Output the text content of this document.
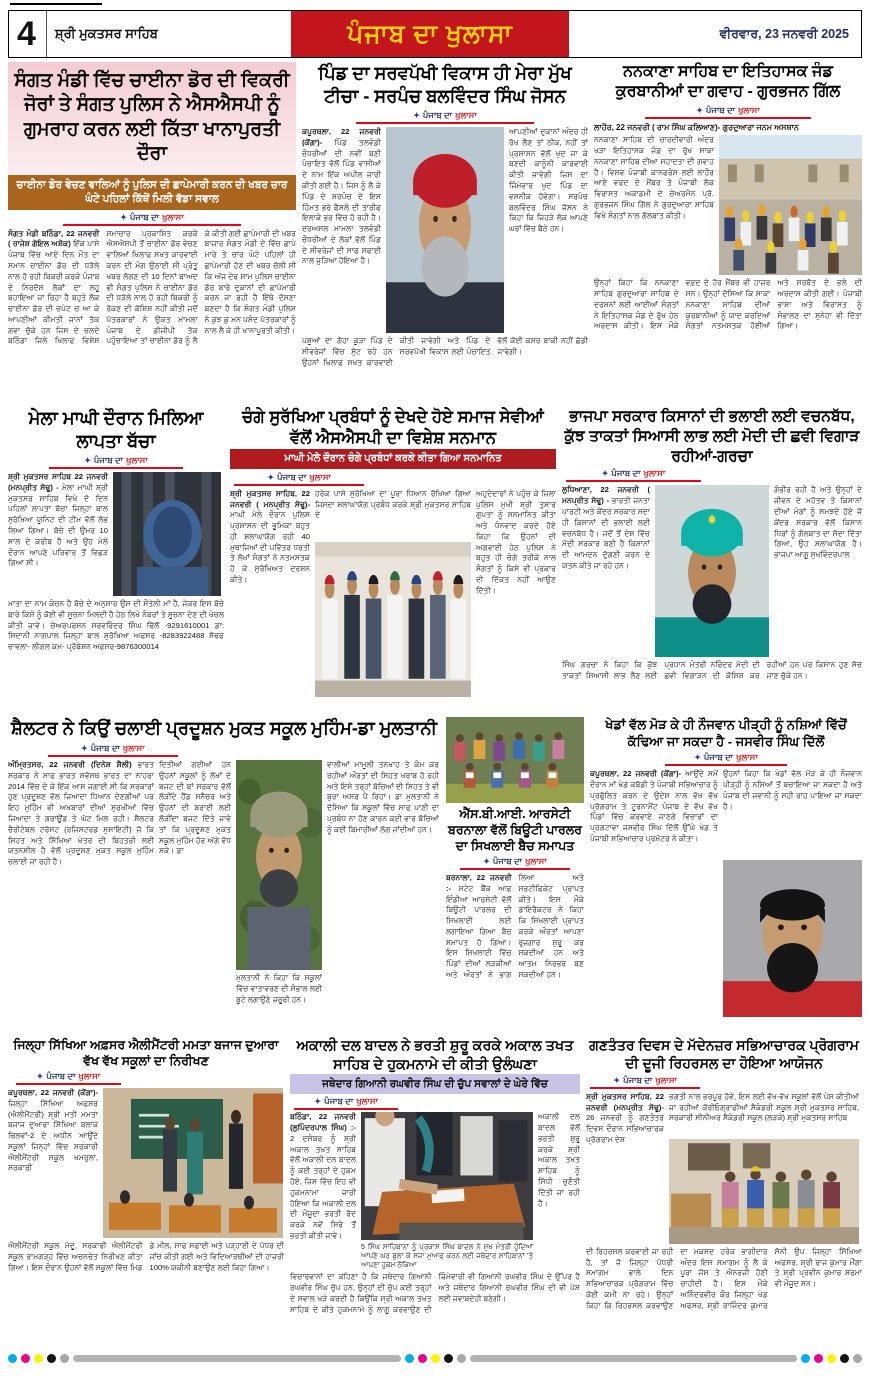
4	ਸ਼੍ਰੀ ਮੁਕਤਸਰ ਸਾਹਿਬ	ਪੰਜਾਬ ਦਾ ਖੁਲਾਸਾ	ਵੀਰਵਾਰ, 23 ਜਨਵਰੀ 2025
ਸੰਗਤ ਮੰਡੀ ਵਿੱਚ ਚਾਈਨਾ ਡੋਰ ਦੀ ਵਿਕਰੀ ਜੋਰਾਂ ਤੇ ਸੰਗਤ ਪੁਲਿਸ ਨੇ ਐਸਐਸਪੀ ਨੂੰ ਗੁਮਰਾਹ ਕਰਨ ਲਈ ਕਿੱਤਾ ਖਾਨਾਪੁਰਤੀ ਦੌਰਾ
ਚਾਈਨਾ ਡੋਰ ਵੇਚਣ ਵਾਲਿਆਂ ਨੂੰ ਪੁਲਿਸ ਦੀ ਛਾਪੇਮਾਰੀ ਕਰਨ ਦੀ ਖਬਰ ਚਾਰ ਘੰਟੇ ਪਹਿਲਾਂ ਕਿੱਥੋਂ ਮਿਲੀ ਵੱਡਾ ਸਵਾਲ
✦ ਪੰਜਾਬ ਦਾ ਖੁਲਾਸਾ
ਸੰਗਤ ਮੰਡੀ ਬਠਿੰਡਾ, 22 ਜਨਵਰੀ ( ਰਾਜੇਸ਼ ਗੋਇਲ ਅਸ਼ੋਕ) ਇੱਕ ਪਾਸੇ ਪੰਜਾਬ ਵਿੱਚ ਆਏ ਦਿਨ ਮੌਤ ਦਾ ਸਮਾਨ ਚਾਈਨਾ ਡੋਰ ਦੀ ਧੜੱਲੇ ਨਾਲ ਹੋ ਰਹੀ ਬਿਕਰੀ ਕਰਕੇ ਪੰਜਾਬ ਦੇ ਨਿਰਦੋਸ਼ ਲੋਕਾਂ ਦਾ ਲਹੂ ਬਹਾਇਆ ਜਾ ਰਿਹਾ ਹੈ ਬਹੁਤੇ ਲੋਕ ਚਾਈਨਾ ਡੋਰ ਦੀ ਚਪੇਟ ਚ ਆ ਕੇ ਆਪਣੀਆਂ ਕੀਮਤੀ ਜਾਨਾਂ ਤੱਕ ਗਵਾ ਚੁੱਕੇ ਹਨ ਜਿਸ ਦੇ ਚਲਦੇ ਬਠਿੰਡਾ ਜਿਲੇ ਖਿਲਾਫ ਵਿਸ਼ੇਸ਼ ਸਮਾਚਾਰ ਪ੍ਰਕਾਸ਼ਿਤ ਕਰਕੇ ਐਸਐਸਪੀ ਤੋਂ ਚਾਈਨਾ ਡੋਰ ਵੇਚਣ ਵਾਲਿਆਂ ਖਿਲਾਫ ਸਖਤ ਕਾਰਵਾਈ ਕਰਨ ਦੀ ਮੰਗ ਉਠਾਈ ਸੀ ਪ੍ਰੰਤੂ ਖਬਰ ਲੱਗਣ ਦੀ 10 ਦਿਨਾਂ ਬਾਅਦ ਵੀ ਸੰਗਤ ਪੁਲਿਸ ਨੇ ਚਾਈਨਾ ਡੋਰ ਦੀ ਧੜੱਲੇ ਨਾਲ ਹੋ ਰਹੀ ਬਿਕਰੀ ਨੂੰ ਰੋਕਣ ਦੀ ਕੋਸ਼ਿਸ਼ ਨਹੀਂ ਕੀਤੀ ਜਦੋਂ ਪੱਤਰਕਾਰਾਂ ਨੇ ਉਕਤ ਮਾਮਲਾ ਪੰਜਾਬ ਦੇ ਡੀਜੀਪੀ ਤੱਕ ਪਹੁੰਚਾਇਆ ਤਾਂ ਚਾਈਨਾ ਡੋਰ ਨੂੰ ਲੈ ਕੇ ਕੀਤੀ ਗਈ ਛਾਪੇਮਾਰੀ ਦੀ ਖਬਰ ਬਾਜ਼ਾਰ ਸੰਗਤ ਮੰਡੀ ਦੇ ਵਿੱਚ ਛਾਪੇ ਮਾਰੇ ਤੇ ਚਾਰ ਘੰਟੇ ਪਹਿਲਾਂ ਹੀ ਛਾਪੇਮਾਰੀ ਹੋਣ ਦੀ ਖਬਰ ਚੱਲੀ ਸੀ ਕਿ ਅੱਜ ਦੇਰ ਸ਼ਾਮ ਪੁਲਿਸ ਚਾਈਨਾ ਡੋਰ ਬਾਰੇ ਦੁਕਾਨਾਂ ਦੀ ਛਾਪੇਮਾਰੀ ਕਰਨ ਜਾ ਰਹੀ ਹੈ ਇੱਥੇ ਦੱਸਣਾ ਬਣਦਾ ਹੈ ਕਿ ਸੰਗਤ ਮੰਡੀ ਪੁਲਿਸ ਨੇ ਕੁਝ ਕੁ ਮਨ ਪਸੰਦ ਪੱਤਰਕਾਰਾਂ ਨੂੰ ਨਾਲ ਲੈ ਕੇ ਹੀ ਖਾਨਾਪੂਰਤੀ ਕੀਤੀ।
ਪਿੰਡ ਦਾ ਸਰਵਪੱਖੀ ਵਿਕਾਸ ਹੀ ਮੇਰਾ ਮੁੱਖ ਟੀਚਾ - ਸਰਪੰਚ ਬਲਵਿੰਦਰ ਸਿੰਘ ਜੋਸਨ
✦ ਪੰਜਾਬ ਦਾ ਖੁਲਾਸਾ
ਕਪੂਰਥਲਾ, 22 ਜਨਵਰੀ (ਕੋਂਗਾ)- ਪਿੰਡ ਤਲਵੰਡੀ ਚੌਧਰੀਆਂ ਦੀ ਨਵੀਂ ਬਣੀ ਪੰਚਾਇਤ ਵੱਲੋਂ ਪਿੰਡ ਵਾਸੀਆਂ ਦੇ ਨਾਮ ਇੱਕ ਅਪੀਲ ਜਾਰੀ ਕੀਤੀ ਗਈ ਹੈ। ਜਿਸ ਨੂੰ ਲੈ ਕੇ ਪਿੰਡ ਦੇ ਸਰਪੰਚ ਦੇ ਇਸ ਹਿੰਮਤ ਭਰੇ ਫੈਸਲੇ ਦੀ ਤਾਰੀਫ ਇਲਾਕੇ ਭਰ ਵਿੱਚ ਹੋ ਰਹੀ ਹੈ। ਦਰਅਸਲ ਮਾਮਲਾ ਤਲਵੰਡੀ ਚੌਧਰੀਆਂ ਦੇ ਲੋਕਾਂ ਵੱਲੋਂ ਪਿੰਡ ਦੇ ਸੀਵਰੇਜਾਂ ਦੀ ਸਾਫ ਸਫਾਈ ਨਾਲ ਜੁੜਿਆ ਹੋਇਆ ਹੈ।
ਆਪਣੀਆਂ ਦੁਕਾਨਾਂ ਅੰਦਰ ਹੀ ਰੱਖ ਲੈਣ ਤਾਂ ਠੀਕ, ਨਹੀਂ ਤਾਂ ਪ੍ਰਸ਼ਾਸਨ ਵੱਲੋਂ ਖੁਦ ਜਾ ਕੇ ਬਣਦੀ ਕਾਨੂੰਨੀ ਕਾਰਵਾਈ ਕੀਤੀ ਜਾਵੇਗੀ ਜਿਸ ਦਾ ਜਿੰਮੇਵਾਰ ਖੁਦ ਪਿੰਡ ਦਾ ਵਸਨੀਕ ਹੋਵੇਗਾ। ਸਰਪੰਚ ਬਲਵਿੰਦਰ ਸਿੰਘ ਜੋਸਨ ਨੇ ਕਿਹਾ ਕਿ ਜਿਹੜੇ ਲੋਕ ਆਪਣੇ ਘਰਾਂ ਵਿੱਚ ਬੈਠੇ ਹਨ।
ਪਸ਼ੂਆਂ ਦਾ ਗੋਹਾ ਕੂੜਾ ਪਿੰਡ ਦੇ ਸੀਵਰੇਜਾਂ ਵਿੱਚ ਸੁੱਟ ਰਹੇ ਹਨ ਉਹਨਾਂ ਖਿਲਾਫ ਸਖਤ ਕਾਰਵਾਈ ਕੀਤੀ ਜਾਵੇਗੀ ਅਤੇ ਪਿੰਡ ਦੇ ਸਰਵਪੱਖੀ ਵਿਕਾਸ ਲਈ ਪੰਚਾਇਤ ਵੱਲੋਂ ਕੋਈ ਕਸਰ ਬਾਕੀ ਨਹੀਂ ਛੱਡੀ ਜਾਵੇਗੀ।
ਨਨਕਾਣਾ ਸਾਹਿਬ ਦਾ ਇਤਿਹਾਸਕ ਜੰਡ ਕੁਰਬਾਨੀਆਂ ਦਾ ਗਵਾਹ - ਗੁਰਭਜਨ ਗਿੱਲ
✦ ਪੰਜਾਬ ਦਾ ਖੁਲਾਸਾ
ਲਾਹੌਰ, 22 ਜਨਵਰੀ ( ਰਾਮ ਸਿੰਘ ਕਲਿਆਣ)- ਗੁਰਦੁਆਰਾ ਜਨਮ ਅਸਥਾਨ
ਨਨਕਾਣਾ ਸਾਹਿਬ ਦੀ ਚਾਰਦੀਵਾਰੀ ਅੰਦਰ ਖੜਾ ਇਤਿਹਾਸਕ ਜੰਡ ਦਾ ਰੁੱਖ ਸਾਕਾ ਨਨਕਾਣਾ ਸਾਹਿਬ ਦੀਆ ਸਹਾਦਤਾ ਦੀ ਗਵਾਹ ਹੈ। ਵਿਸ਼ਵ ਪੰਜਾਬੀ ਕਾਨਫਰੰਸ ਲਈ ਲਾਹੌਰ ਆਏ ਵਫਦ ਦੇ ਮੈਂਬਰ ਤੇ ਪੰਜਾਬੀ ਲੋਕ ਵਿਰਾਸਤ ਅਕਾਡਮੀ ਦੇ ਚੇਅਰਮੈਨ ਪ੍ਰੋ. ਗੁਰਭਜਨ ਸਿੰਘ ਗਿੱਲ ਨੇ ਗੁਰਦੁਆਰਾ ਸਾਹਿਬ ਵਿਖੇ ਸੰਗਤਾਂ ਨਾਲ ਗੱਲਬਾਤ ਕੀਤੀ।
ਉਨ੍ਹਾਂ ਕਿਹਾ ਕਿ ਨਨਕਾਣਾ ਸਾਹਿਬ ਗੁਰਦੁਆਰਾ ਸਾਹਿਬ ਦੇ ਦਰਸ਼ਨਾਂ ਲਈ ਆਈਆਂ ਸੰਗਤਾਂ ਨੇ ਇਤਿਹਾਸਕ ਜੰਡ ਦੇ ਰੁੱਖ ਹੇਠ ਅਰਦਾਸ ਕੀਤੀ। ਇਸ ਮੌਕੇ ਵਫ਼ਦ ਦੇ ਹੋਰ ਮੈਂਬਰ ਵੀ ਹਾਜ਼ਰ ਸਨ। ਉਨ੍ਹਾਂ ਦੱਸਿਆ ਕਿ ਸਾਕਾ ਨਨਕਾਣਾ ਸਾਹਿਬ ਦੀਆਂ ਕੁਰਬਾਨੀਆਂ ਨੂੰ ਯਾਦ ਕਰਦਿਆਂ ਸੰਗਤਾਂ ਨਤਮਸਤਕ ਹੋਈਆਂ ਅਤੇ ਸਰਬੱਤ ਦੇ ਭਲੇ ਦੀ ਅਰਦਾਸ ਕੀਤੀ ਗਈ। ਪੰਜਾਬੀ ਭਾਸ਼ਾ ਅਤੇ ਵਿਰਾਸਤ ਨੂੰ ਸੰਭਾਲਣ ਦਾ ਸੁਨੇਹਾ ਵੀ ਦਿੱਤਾ ਗਿਆ।
ਮੇਲਾ ਮਾਘੀ ਦੌਰਾਨ ਮਿਲਿਆ ਲਾਪਤਾ ਬੱਚਾ
✦ ਪੰਜਾਬ ਦਾ ਖੁਲਾਸਾ
ਸ਼੍ਰੀ ਮੁਕਤਸਰ ਸਾਹਿਬ 22 ਜਨਵਰੀ (ਮਨਪ੍ਰੀਤ ਸੋਢੂ) - ਮੇਲਾ ਮਾਘੀ ਸ਼੍ਰੀ ਮੁਕਤਸਰ ਸਾਹਿਬ ਵਿਖੇ ਦੋ ਦਿਨ ਪਹਿਲਾਂ ਲਾਪਤਾ ਬੱਚਾ ਜਿਲ੍ਹਾ ਬਾਲ ਸੁਰੱਖਿਆ ਯੂਨਿਟ ਦੀ ਟੀਮ ਵੱਲੋਂ ਲੱਭ ਲਿਆ ਗਿਆ। ਬੱਚੇ ਦੀ ਉਮਰ 10 ਸਾਲ ਦੇ ਕਰੀਬ ਹੈ ਅਤੇ ਉਹ ਮੇਲੇ ਦੌਰਾਨ ਆਪਣੇ ਪਰਿਵਾਰ ਤੋਂ ਵਿਛੜ ਗਿਆ ਸੀ।
ਮਾਤਾ ਦਾ ਨਾਮ ਕੰਚਨ ਹੈ ਬੱਚੇ ਦੇ ਅਨੁਸਾਰ ਉਸ ਦੀ ਸੌਤੇਲੀ ਮਾਂ ਹੈ, ਜੇਕਰ ਇਸ ਬੱਚੇ ਬਾਰੇ ਕਿਸੇ ਨੂੰ ਕੋਈ ਵੀ ਸੂਚਨਾ ਮਿਲਦੀ ਹੈ ਹੇਠ ਲਿਖੇ ਨੰਬਰਾਂ ਤੇ ਸੂਚਨਾ ਦੇਣ ਦੀ ਖੇਚਲ ਕੀਤੀ ਜਾਵੇ। ਚੇਅਰਪਰਸਨ ਸਰਵਰਿੰਦਰ ਸਿੰਘ ਢਿੱਲੋਂ -9291610001 ਡਾ: ਸਿਦਾਨੀ ਨਾਗਪਾਲ ਜਿਲ੍ਹਾ ਬਾਲ ਸੁਰੱਖਿਆ ਅਫਸਰ -8283922488 ਸੋਢਫ ਚਾਵਲਾ- ਲੀਗਲ ਕਮ- ਪ੍ਰੋਬੇਸ਼ਨ ਅਫਸਰ-9876300014
ਚੰਗੇ ਸੁਰੱਖਿਆ ਪ੍ਰਬੰਧਾਂ ਨੂੰ ਦੇਖਦੇ ਹੋਏ ਸਮਾਜ ਸੇਵੀਆਂ ਵੱਲੋਂ ਐਸਐਸਪੀ ਦਾ ਵਿਸ਼ੇਸ਼ ਸਨਮਾਨ
ਮਾਘੀ ਮੇਲੇ ਦੌਰਾਨ ਚੰਗੇ ਪ੍ਰਬੰਧਾਂ ਕਰਕੇ ਕੀਤਾ ਗਿਆ ਸਨਮਾਨਿਤ
✦ ਪੰਜਾਬ ਦਾ ਖੁਲਾਸਾ
ਸ਼੍ਰੀ ਮੁਕਤਸਰ ਸਾਹਿਬ, 22 ਜਨਵਰੀ ( ਮਨਪ੍ਰੀਤ ਸੋਢੂ)- ਮਾਘੀ ਮੇਲੇ ਦੌਰਾਨ ਪੁਲਿਸ ਪ੍ਰਸ਼ਾਸਨ ਦੀ ਭੂਮਿਕਾ ਬਹੁਤ ਹੀ ਸ਼ਲਾਘਾਯੋਗ ਰਹੀ 40 ਮੁਥਾਜਿਆਂ ਦੀ ਪਵਿੱਤਰ ਧਰਤੀ ਤੇ ਲੱਖਾਂ ਸੰਗਤਾਂ ਨੇ ਨਤਮਸਤਕ ਹੋ ਕੇ ਸੁਰੱਖਿਅਤ ਦਰਸ਼ਨ ਕੀਤੇ।
ਹਰੇਕ ਪਾਸੇ ਸੁਰੱਖਿਆ ਦਾ ਪੂਰਾ ਧਿਆਨ ਰੱਖਿਆ ਗਿਆ ਜਿਸਦਾ ਸ਼ਲਾਘਾਯੋਗ ਪ੍ਰਬੰਧ ਕਰਕੇ ਸ਼੍ਰੀ ਮੁਕਤਸਰ ਸਾਹਿਬ ਦੇ
ਅਹੁਦੇਦਾਰਾਂ ਨੇ ਪਹੁੰਚ ਕੇ ਜਿਲਾ ਪੁਲਿਸ ਮੁਖੀ ਸ਼੍ਰੀ ਤੁਸ਼ਾਰ ਗੁਪਤਾ ਨੂੰ ਸਨਮਾਨਿਤ ਕੀਤਾ ਅਤੇ ਧੰਨਵਾਦ ਕਰਦੇ ਹੋਏ ਕਿਹਾ ਕਿ ਉਹਨਾਂ ਦੀ ਅਗਵਾਈ ਹੇਠ ਪੁਲਿਸ ਨੇ ਬਹੁਤ ਹੀ ਚੰਗੇ ਤਰੀਕੇ ਨਾਲ ਸੰਗਤਾਂ ਨੂੰ ਕਿਸੇ ਵੀ ਪ੍ਰਕਾਰ ਦੀ ਦਿੱਕਤ ਨਹੀਂ ਆਉਣ ਦਿੱਤੀ।
ਭਾਜਪਾ ਸਰਕਾਰ ਕਿਸਾਨਾਂ ਦੀ ਭਲਾਈ ਲਈ ਵਚਨਬੱਧ, ਕੁੱਝ ਤਾਕਤਾਂ ਸਿਆਸੀ ਲਾਭ ਲਈ ਮੋਦੀ ਦੀ ਛਵੀ ਵਿਗਾੜ ਰਹੀਆਂ-ਗਰਚਾ
✦ ਪੰਜਾਬ ਦਾ ਖੁਲਾਸਾ
ਲੁਧਿਆਣਾ, 22 ਜਨਵਰੀ ( ਮਨਪ੍ਰੀਤ ਸੋਢੂ) - ਭਾਰਤੀ ਜਨਤਾ ਪਾਰਟੀ ਅਤੇ ਕੇਂਦਰ ਸਰਕਾਰ ਸਦਾ ਹੀ ਕਿਸਾਨਾਂ ਦੀ ਭਲਾਈ ਲਈ ਵਚਨਬੱਧ ਹੈ। ਜਦੋਂ ਤੋਂ ਦੇਸ਼ ਵਿੱਚ ਮੋਦੀ ਸਰਕਾਰ ਬਣੀ ਹੈ ਕਿਸਾਨਾਂ ਦੀ ਆਮਦਨ ਦੁੱਗਣੀ ਕਰਨ ਦੇ ਯਤਨ ਕੀਤੇ ਜਾ ਰਹੇ ਹਨ।
ਗੰਭੀਰ ਰਹੀ ਹੈ ਅਤੇ ਉਨ੍ਹਾਂ ਦੇ ਜੀਵਨ ਦੇ ਮਹੱਤਵ ਤੇ ਕਿਸਾਨਾਂ ਦੀਆਂ ਮੰਗਾਂ ਨੂੰ ਸਮਝਦੇ ਹੋਏ ਜੋ ਕੇਂਦਰ ਸਰਕਾਰ ਵੱਲੋਂ ਕਿਸਾਨ ਧਿਰਾਂ ਨੂੰ ਗੱਲਬਾਤ ਦਾ ਸੱਦਾ ਦਿੱਤਾ ਗਿਆ, ਉਹ ਸ਼ਲਾਘਾਯੋਗ ਹੈ। ਭਾਜਪਾ ਆਗੂ ਸੁਖਵਿੰਦਰਪਾਲ
ਸਿੰਘ ਗਰਚਾ ਨੇ ਕਿਹਾ ਕਿ ਕੁੱਝ ਤਾਕਤਾਂ ਸਿਆਸੀ ਲਾਭ ਲੈਣ ਲਈ ਪ੍ਰਧਾਨ ਮੰਤਰੀ ਨਰਿੰਦਰ ਮੋਦੀ ਦੀ ਛਵੀ ਵਿਗਾੜਨ ਦੀ ਕੋਸ਼ਿਸ਼ ਕਰ ਰਹੀਆਂ ਹਨ ਪਰ ਕਿਸਾਨ ਹੁਣ ਸੱਚ ਜਾਣ ਚੁੱਕੇ ਹਨ।
ਸ਼ੈਲਟਰ ਨੇ ਕਿਉਂ ਚਲਾਈ ਪ੍ਰਦੂਸ਼ਨ ਮੁਕਤ ਸਕੂਲ ਮੁਹਿੰਮ-ਡਾ ਮੁਲਤਾਨੀ
✦ ਪੰਜਾਬ ਦਾ ਖੁਲਾਸਾ
ਅੰਮ੍ਰਿਤਸਰ, 22 ਜਨਵਰੀ (ਦਿਨੇਸ਼ ਸ਼ੈਲੀ) ਭਾਰਤ ਸਰਕਾਰ ਨੇ ਸਾਫ ਭਾਰਤ ਸਵੱਸਥ ਭਾਰਤ ਦਾ ਨਾਹਰਾ 2014 ਵਿੱਚ ਦੇ ਕੇ ਇੱਕ ਆਸ ਜਗਾਈ ਸੀ ਕਿ ਸਰਕਾਰਾਂ ਹੁਣ ਪ੍ਰਦੂਸ਼ਣ ਵੱਲ ਜਿਆਦਾ ਧਿਆਨ ਦੇਣਗੀਆਂ ਪਰ ਇਹ ਮੁਹਿੰਮ ਵੀ ਅਖਬਾਰਾਂ ਦੀਆਂ ਸੁਰਖੀਆਂ ਵਿੱਚ ਜਿਆਦਾ ਤੇ ਗਰਾਊਂਡ ਤੇ ਘੱਟ ਮਿਲ ਰਹੀ। ਸ਼ੈਲਟਰ ਚੈਰੀਟੇਬਲ ਟਰੱਸਟ (ਰਜਿਸਟਰਡ ਸੁਸਾਇਟੀ) ਜੋ ਕਿ ਸਿਹਤ ਅਤੇ ਸਿੱਖਿਆ ਖੇਤਰ ਦੀ ਬਿਹਤਰੀ ਲਈ ਯਤਨਸ਼ੀਲ ਹੈ ਵੱਲੋਂ ਪ੍ਰਦੂਸ਼ਣ ਮੁਕਤ ਸਕੂਲ ਮੁਹਿੰਮ ਚਲਾਈ ਜਾ ਰਹੀ ਹੈ।
ਦਿਤੀਆਂ ਗਈਆਂ ਹਨ ਉਹਨਾਂ ਸਕੂਲਾਂ ਨੂੰ ਲੱਖਾਂ ਦੇ ਬਜਟ ਦੀ ਬਾਂ ਸਰਕਾਰ ਵੱਲੋਂ ਲੋੜੀਂਦੇ ਹੈਂਡ ਸਨੈਚਰ ਅਤੇ ਉਹਨਾਂ ਦੀ ਬਰਾਈ ਲਈ ਲੋੜੀਂਦਾ ਬਜਟ ਦਿੱਤੇ ਜਾਵੇ ਤਾਂ ਕਿ ਪ੍ਰਦੂਸ਼ਣ ਮੁਕਤ ਸਕੂਲ ਮੁਹਿੰਮ ਹੋਰ ਅੱਗੇ ਵੱਧ ਸਕੇ। ਡਾ
ਮੁਲਤਾਨੀ ਨੇ ਕਿਹਾ ਕਿ ਸਕੂਲਾਂ ਵਿੱਚ ਵਾਤਾਵਰਣ ਦੀ ਸੰਭਾਲ ਲਈ ਬੂਟੇ ਲਗਾਉਣੇ ਜ਼ਰੂਰੀ ਹਨ।
ਵਾਲੀਆਂ ਮਾਮੂਲੀ ਤਨਖਾਹ ਤੇ ਕੰਮ ਕਰ ਰਹੀਆਂ ਔਰਤਾਂ ਦੀ ਸਿਹਤ ਖਰਾਬ ਹੋ ਰਹੀ ਅਤੇ ਇਸੇ ਤਰ੍ਹਾਂ ਬੱਚਿਆਂ ਦੀ ਸਿਹਤ ਤੇ ਵੀ ਬੁਰਾ ਅਸਰ ਪੈ ਰਿਹਾ। ਡਾ ਮੁਲਤਾਨੀ ਨੇ ਦੱਸਿਆ ਕਿ ਸਕੂਲਾਂ ਵਿੱਚ ਸਾਫ ਪਾਣੀ ਦਾ ਪ੍ਰਬੰਧ ਨਾ ਹੋਣ ਕਾਰਨ ਕਈ ਵਾਰ ਬੱਚਿਆਂ ਨੂੰ ਕਈ ਬਿਮਾਰੀਆਂ ਲੱਗ ਜਾਂਦੀਆਂ ਹਨ।
ਐੱਸ.ਬੀ.ਆਈ. ਆਰਸੇਟੀ ਬਰਨਾਲਾ ਵੱਲੋਂ ਬਿਊਟੀ ਪਾਰਲਰ ਦਾ ਸਿਖਲਾਈ ਬੈਚ ਸਮਾਪਤ
✦ ਪੰਜਾਬ ਦਾ ਖੁਲਾਸਾ
ਬਰਨਾਲਾ, 22 ਜਨਵਰੀ :- ਸਟੇਟ ਬੈਂਕ ਆਫ ਇੰਡੀਆ ਆਰਸੇਟੀ ਵੱਲੋਂ ਬਿਊਟੀ ਪਾਰਲਰ ਦੀ ਸਿਖਲਾਈ ਲਈ ਲਗਾਇਆ ਗਿਆ ਬੈਚ ਸਮਾਪਤ ਹੋ ਗਿਆ। ਇਸ ਸਿਖਲਾਈ ਵਿੱਚ ਪਿੰਡਾਂ ਦੀਆਂ ਲੜਕੀਆਂ ਅਤੇ ਔਰਤਾਂ ਨੇ ਭਾਗ ਲਿਆ ਅਤੇ ਸਰਟੀਫਿਕੇਟ ਪ੍ਰਾਪਤ ਕੀਤੇ। ਇਸ ਮੌਕੇ ਡਾਇਰੈਕਟਰ ਨੇ ਕਿਹਾ ਕਿ ਸਿਖਲਾਈ ਪ੍ਰਾਪਤ ਕਰਕੇ ਔਰਤਾਂ ਆਪਣਾ ਰੁਜ਼ਗਾਰ ਸ਼ੁਰੂ ਕਰ ਸਕਦੀਆਂ ਹਨ ਅਤੇ ਆਤਮ ਨਿਰਭਰ ਬਣ ਸਕਦੀਆਂ ਹਨ।
ਖੇਡਾਂ ਵੱਲ ਮੋੜ ਕੇ ਹੀ ਨੌਜਵਾਨ ਪੀੜ੍ਹੀ ਨੂੰ ਨਸ਼ਿਆਂ ਵਿੱਚੋਂ ਕੱਢਿਆ ਜਾ ਸਕਦਾ ਹੈ - ਜਸਵੀਰ ਸਿੰਘ ਦਿੱਲੋਂ
✦ ਪੰਜਾਬ ਦਾ ਖੁਲਾਸਾ
ਕਪੂਰਥਲਾ, 22 ਜਨਵਰੀ (ਕੋਂਗਾ)- ਆਉਂਦੇ ਸਮੇਂ ਦੌਰਾਨ ਮਾਂ ਖੇਡ ਕਬੱਡੀ ਤੇ ਪੰਜਾਬੀ ਸਭਿਆਚਾਰ ਨੂੰ ਪ੍ਰਫੁੱਲਿਤ ਕਰਨ ਦੇ ਉਦੇਸ਼ ਨਾਲ ਵੱਖ ਵੱਖ ਪ੍ਰੋਗਰਾਮ ਤੇ ਟੂਰਨਾਮੈਂਟ ਪੰਜਾਬ ਦੇ ਵੱਖ ਵੱਖ ਪਿੰਡਾਂ ਵਿੱਚ ਕਰਵਾਏ ਜਾਣਗੇ ਵਿਚਾਰਾਂ ਦਾ ਪ੍ਰਗਟਾਵਾ ਜਸਵੀਰ ਸਿੰਘ ਦਿੱਲੋਂ ਉੱਘੇ ਖੇਡ ਤੇ ਪੰਜਾਬੀ ਸਭਿਆਚਾਰ ਪ੍ਰਮੋਟਰ ਨੇ ਕੀਤਾ।
ਉਹਨਾਂ ਕਿਹਾ ਕਿ ਖੇਡਾਂ ਵੱਲ ਮੋੜ ਕੇ ਹੀ ਨੌਜਵਾਨ ਪੀੜ੍ਹੀ ਨੂੰ ਨਸ਼ਿਆਂ ਤੋਂ ਬਚਾਇਆ ਜਾ ਸਕਦਾ ਹੈ ਅਤੇ ਪੰਜਾਬ ਦੀ ਜਵਾਨੀ ਨੂੰ ਸਹੀ ਰਾਹ ਪਾਇਆ ਜਾ ਸਕਦਾ ਹੈ।
ਜਿਲ੍ਹਾ ਸਿੱਖਿਆ ਅਫ਼ਸਰ ਐਲੀਮੈਂਟਰੀ ਮਮਤਾ ਬਜਾਜ ਦੁਆਰਾ ਵੱਖ ਵੱਖ ਸਕੂਲਾਂ ਦਾ ਨਿਰੀਖਣ
✦ ਪੰਜਾਬ ਦਾ ਖੁਲਾਸਾ
ਕਪੂਰਥਲਾ, 22 ਜਨਵਰੀ (ਕੋਂਗਾ)- ਜਿਲ੍ਹਾ ਸਿੱਖਿਆ ਅਫਸਰ (ਐਲੀਮੈਂਟਰੀ) ਸ਼੍ਰੀ ਮਤੀ ਮਮਤਾ ਬਜਾਜ ਦੁਆਰਾ ਸਿੱਖਿਆ ਬਲਾਕ ਢਿਲਵਾਂ-2 ਦੇ ਅਧੀਨ ਆਉਂਦੇ ਸਕੂਲਾਂ ਜਿਨ੍ਹਾਂ ਵਿੱਚ ਸਰਕਾਰੀ ਐਲੀਮੈਂਟਰੀ ਸਕੂਲ ਖਮਰੁਲਾ, ਸਰਕਾਰੀ
ਐਲੀਮੈਂਟਰੀ ਸਕੂਲ ਮੱਦੂ, ਸਰਕਾਰੀ ਐਲੀਮੈਂਟਰੀ ਸਕੂਲ ਰਾਮਗੜ੍ਹ ਵਿੱਚ ਅਚਨਚੇਤ ਨਿਰੀਖਣ ਕੀਤਾ ਗਿਆ। ਇਸ ਦੌਰਾਨ ਉਹਨਾਂ ਵੱਲੋਂ ਸਕੂਲਾਂ ਵਿੱਚ ਮਿਡ ਡੇ ਮੀਲ, ਸਾਫ ਸਫਾਈ ਅਤੇ ਪੜ੍ਹਾਈ ਦੇ ਪੱਧਰ ਦੀ ਜਾਂਚ ਕੀਤੀ ਗਈ ਅਤੇ ਵਿਦਿਆਰਥੀਆਂ ਦੀ ਹਾਜ਼ਰੀ 100% ਯਕੀਨੀ ਬਣਾਉਣ ਲਈ ਕਿਹਾ ਗਿਆ।
ਅਕਾਲੀ ਦਲ ਬਾਦਲ ਨੇ ਭਰਤੀ ਸ਼ੁਰੂ ਕਰਕੇ ਅਕਾਲ ਤਖਤ ਸਾਹਿਬ ਦੇ ਹੁਕਮਨਾਮੇ ਦੀ ਕੀਤੀ ਉਲੰਘਣਾ
ਜਥੇਦਾਰ ਗਿਆਨੀ ਰਘਵੀਰ ਸਿੰਘ ਦੀ ਚੁੱਪ ਸਵਾਲਾਂ ਦੇ ਘੇਰੇ ਵਿੱਚ
✦ ਪੰਜਾਬ ਦਾ ਖੁਲਾਸਾ
ਬਠਿੰਡਾ, 22 ਜਨਵਰੀ (ਲੁਪਿੰਦਰਪਾਲ ਸਿੰਘ) :- 2 ਦਸੰਬਰ ਨੂੰ ਸ਼੍ਰੀ ਅਕਾਲ ਤਖਤ ਸਾਹਿਬ ਵੱਲੋਂ ਅਕਾਲੀ ਦਲ ਬਾਦਲ ਨੂੰ ਕਈ ਤਰ੍ਹਾਂ ਦੇ ਹੁਕਮ ਹੋਏ, ਜਿਸ ਵਿੱਚ ਇਹ ਵੀ ਹੁਕਮਨਾਮਾ ਜਾਰੀ ਹੋਇਆ ਕਿ ਅਕਾਲੀ ਦਲ ਦੀ ਮੌਜੂਦਾ ਭਰਤੀ ਰੱਦ ਕਰਕੇ ਨਵੇਂ ਸਿਰੇ ਤੋਂ ਭਰਤੀ ਕੀਤੀ ਜਾਵੇ।
5 ਸਿੰਘ ਸਾਹਿਬਾਨਾਂ ਨੂੰ ਪ੍ਰਕਾਸ਼ ਸਿੰਘ ਬਾਦਲ ਨੇ ਮੁੱਖ ਮੰਤਰੀ ਹੁੰਦਿਆਂ ਆਪਣੇ ਘਰ ਬੁਲਾ ਕੇ ਸਜ਼ਾ ਮੁਆਫ ਕਰਨ ਲਈ ਜਥੇਦਾਰ ਸਾਹਿਬਾਨਾਂ 'ਤੇ ਆਪਣਾ ਹੁਕਮ ਠੋਕਿਆ
ਅਕਾਲੀ ਦਲ ਬਾਦਲ ਵੱਲੋਂ ਭਰਤੀ ਸ਼ੁਰੂ ਕਰਕੇ ਸ਼੍ਰੀ ਅਕਾਲ ਤਖਤ ਸਾਹਿਬ ਨੂੰ ਸਿੱਧੀ ਚੁਣੌਤੀ ਦਿੱਤੀ ਜਾ ਰਹੀ ਹੈ।
ਵਿਚਾਰਵਾਨਾਂ ਦਾ ਕਹਿਣਾ ਹੈ ਕਿ ਜਥੇਦਾਰ ਗਿਆਨੀ ਰਘਵੀਰ ਸਿੰਘ ਚੁੱਪ ਹਨ, ਉਨ੍ਹਾਂ ਦੀ ਚੁੱਪ ਕਈ ਤਰ੍ਹਾਂ ਦੇ ਸਵਾਲ ਖੜੇ ਕਰਦੀ ਹੈ ਕਿਉਂਕਿ ਸ਼੍ਰੀ ਅਕਾਲ ਤਖਤ ਸਾਹਿਬ ਦੇ ਕੀਤੇ ਹੁਕਮਨਾਮੇ ਨੂੰ ਲਾਗੂ ਕਰਵਾਉਣ ਦੀ ਜ਼ਿੰਮੇਵਾਰੀ ਵੀ ਗਿਆਨੀ ਰਘਵੀਰ ਸਿੰਘ ਦੇ ਉੱਪਰ ਹੈ ਅਤੇ ਜਥੇਦਾਰ ਗਿਆਨੀ ਰਘਵੀਰ ਸਿੰਘ ਦੀ ਵੀ ਪੇਸ਼ ਲਈ ਜਵਾਬਦੇਹੀ ਬਣੇਗੀ।
ਗਣਤੰਤਰ ਦਿਵਸ ਦੇ ਮੱਦੇਨਜ਼ਰ ਸਭਿਆਚਾਰਕ ਪ੍ਰੋਗਰਾਮ ਦੀ ਦੂਜੀ ਰਿਹਰਸਲ ਦਾ ਹੋਇਆ ਆਯੋਜਨ
✦ ਪੰਜਾਬ ਦਾ ਖੁਲਾਸਾ
ਸ਼੍ਰੀ ਮੁਕਤਸਰ ਸਾਹਿਬ, 22 ਜਨਵਰੀ (ਮਨਪ੍ਰੀਤ ਸੋਢੂ)- 26 ਜਨਵਰੀ ਨੂੰ ਗਣਤੰਤਰ ਦਿਵਸ ਦੌਰਾਨ ਸਭਿਆਚਾਰਕ ਪ੍ਰੋਗਰਾਮ ਦੇਸ਼
ਭਗਤੀ ਨਾਲ ਭਰਪੂਰ ਹੋਵੇ, ਇਸ ਲਈ ਵੱਖ-ਵੱਖ ਸਕੂਲਾਂ ਵੱਲੋਂ ਪੇਸ਼ ਕੀਤੀਆਂ ਜਾ ਰਹੀਆਂ ਕੋਰੀਓਗ੍ਰਾਫੀਆਂ ਸੈਕੰਡਰੀ ਸਕੂਲ ਸ਼੍ਰੀ ਮੁਕਤਸਰ ਸਾਹਿਬ, ਸਰਕਾਰੀ ਸੀਨੀਅਰ ਸੈਕੰਡਰੀ ਸਕੂਲ (ਲੜਕੇ) ਸ਼੍ਰੀ ਮੁਕਤਸਰ ਸਾਹਿਬ
ਦੀ ਰਿਹਰਸਲ ਕਰਵਾਈ ਜਾ ਰਹੀ ਹੈ, ਤਾਂ ਜੋ ਜਿਲ੍ਹਾ ਪੱਧਰੀ ਸਮਾਗਮ ਵਾਲੇ ਦਿਨ ਸਭਿਆਚਾਰਕ ਪ੍ਰੋਗਰਾਮ ਵਿੱਚ ਕੋਈ ਕਮੀ ਨਾ ਰਹੇ। ਉਨ੍ਹਾਂ ਕਿਹਾ ਕਿ ਰਿਹਰਸਲ ਕਰਵਾਉਣ ਦਾ ਮਕਸਦ ਹਰੇਕ ਭਾਗੀਦਾਰ ਅੰਦਰ ਇਸ ਸਮਾਗਮ ਨੂੰ ਲੈ ਕੇ ਪੂਰਾ ਜੋਸ਼ ਤੇ ਐਨਰਜੀ ਹੋਣੀ ਚਾਹੀਦੀ ਹੈ। ਇਸ ਮੌਕੇ ਅਨਿੰਦਰਵੀਰ ਕੌਰ ਜਿਲ੍ਹਾ ਖੇਡ ਅਫਸਰ, ਸ਼੍ਰੀ ਰਾਜਿੰਦਰ ਕੁਮਾਰ ਸੋਨੀ ਉਪ ਜਿਲ੍ਹਾ ਸਿੱਖਿਆ ਅਫਸਰ, ਸ਼੍ਰੀ ਰਾਜ ਕੁਮਾਰ ਮੌਂਗਾ ਤੇ ਸ਼੍ਰੀ ਪ੍ਰਵੀਨ ਕੁਮਾਰ ਸ਼ਰਮਾ ਵੀ ਮੌਜੂਦ ਸਨ।
